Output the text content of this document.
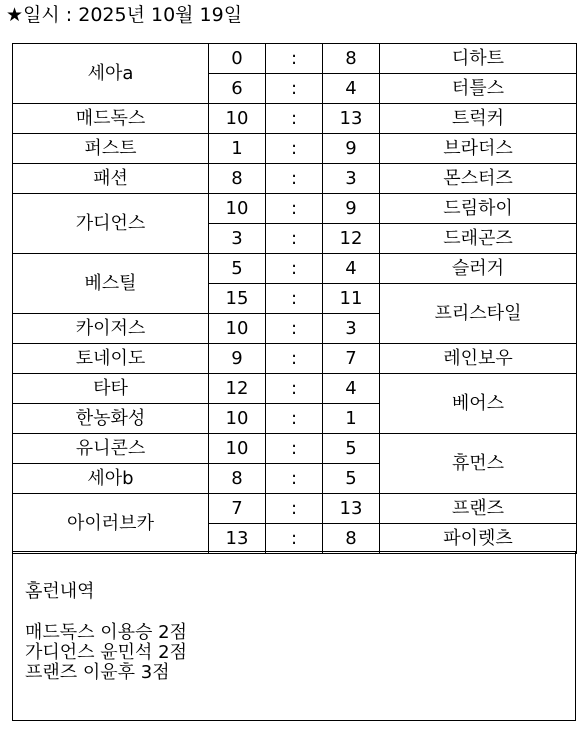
★일시 : 2025년 10월 19일
세아a	0	:	8	디하트
	6	:	4	터틀스
매드독스	10	:	13	트럭커
퍼스트	1	:	9	브라더스
패션	8	:	3	몬스터즈
가디언스	10	:	9	드림하이
	3	:	12	드래곤즈
베스틸	5	:	4	슬러거
	15	:	11	프리스타일
카이저스	10	:	3	
토네이도	9	:	7	레인보우
타타	12	:	4	베어스
한농화성	10	:	1	
유니콘스	10	:	5	휴먼스
세아b	8	:	5	
아이러브카	7	:	13	프랜즈
	13	:	8	파이렛츠
홈런내역
매드독스 이용승 2점
가디언스 윤민석 2점
프랜즈 이윤후 3점
